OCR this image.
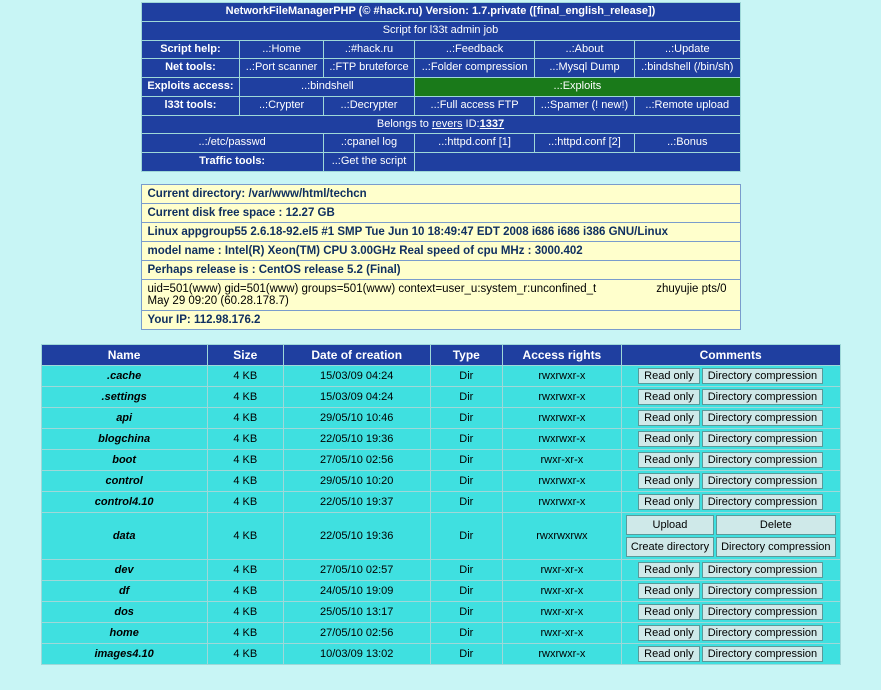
NetworkFileManagerPHP (© #hack.ru) Version: 1.7.private ([final_english_release])					
Script for l33t admin job					
Script help:	..:Home	.:#hack.ru	..:Feedback	..:About	..:Update
Net tools:	..:Port scanner	.:FTP bruteforce	..:Folder compression	..:Mysql Dump	.:bindshell (/bin/sh)
Exploits access:	..:bindshell		..:Exploits		
l33t tools:	..:Crypter	..:Decrypter	..:Full access FTP	..:Spamer (! new!)	..:Remote upload
Belongs to revers ID:1337					
..:/etc/passwd		.:cpanel log	..:httpd.conf [1]	..:httpd.conf [2]	..:Bonus
Traffic tools:		..:Get the script			
Current directory: /var/www/html/techcn
Current disk free space : 12.27 GB
Linux appgroup55 2.6.18-92.el5 #1 SMP Tue Jun 10 18:49:47 EDT 2008 i686 i686 i386 GNU/Linux
model name : Intel(R) Xeon(TM) CPU 3.00GHz Real speed of cpu MHz : 3000.402
Perhaps release is : CentOS release 5.2 (Final)
uid=501(www) gid=501(www) groups=501(www) context=user_u:system_r:unconfined_t	zhuyujie pts/0
May 29 09:20 (60.28.178.7)
Your IP: 112.98.176.2
Name	Size	Date of creation	Type	Access rights	Comments
.cache	4 KB	15/03/09 04:24	Dir	rwxrwxr-x	Read only Directory compression

.settings	4 KB	15/03/09 04:24	Dir	rwxrwxr-x	Read only Directory compression

api	4 KB	29/05/10 10:46	Dir	rwxrwxr-x	Read only Directory compression

blogchina	4 KB	22/05/10 19:36	Dir	rwxrwxr-x	Read only Directory compression

boot	4 KB	27/05/10 02:56	Dir	rwxr-xr-x	Read only Directory compression

control	4 KB	29/05/10 10:20	Dir	rwxrwxr-x	Read only Directory compression

control4.10	4 KB	22/05/10 19:37	Dir	rwxrwxr-x	Read only Directory compression

data	4 KB	22/05/10 19:36	Dir	rwxrwxrwx	Upload Delete
Create directory Directory compression

dev	4 KB	27/05/10 02:57	Dir	rwxr-xr-x	Read only Directory compression

df	4 KB	24/05/10 19:09	Dir	rwxr-xr-x	Read only Directory compression

dos	4 KB	25/05/10 13:17	Dir	rwxr-xr-x	Read only Directory compression

home	4 KB	27/05/10 02:56	Dir	rwxr-xr-x	Read only Directory compression

images4.10	4 KB	10/03/09 13:02	Dir	rwxrwxr-x	Read only Directory compression
